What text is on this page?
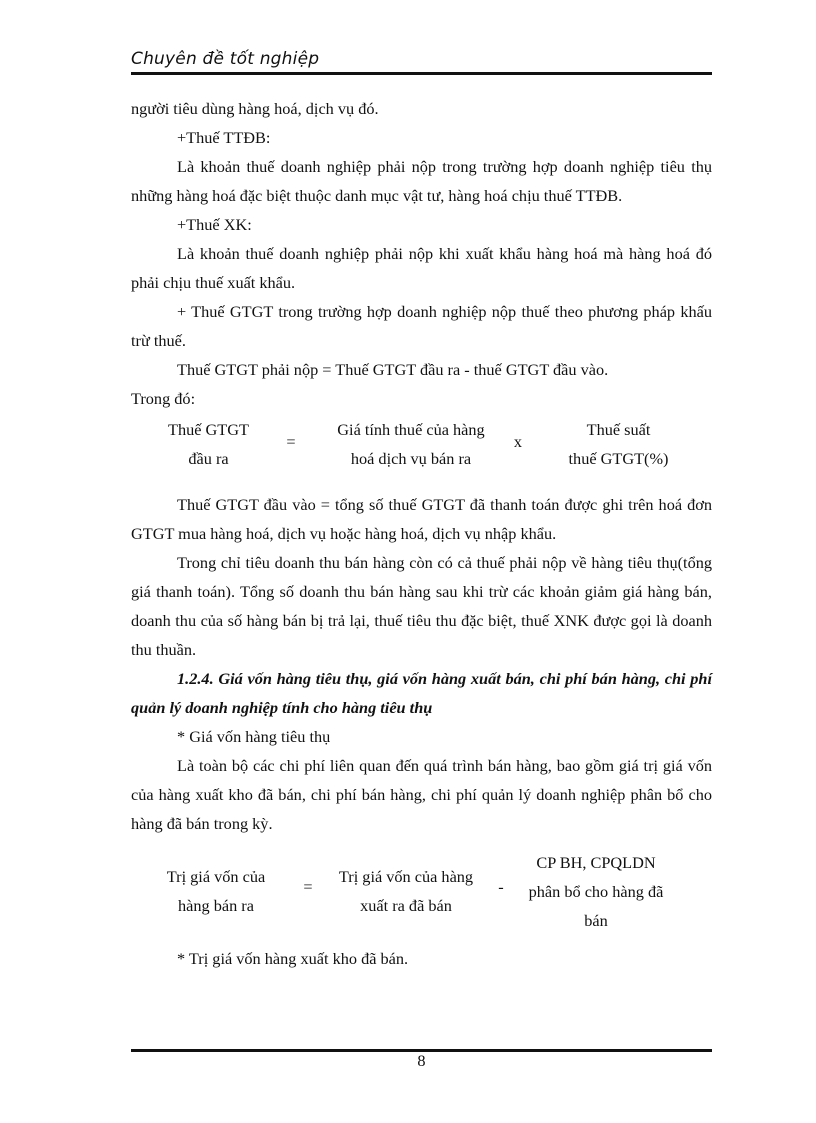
Chuyên đề tốt nghiệp

người tiêu dùng hàng hoá, dịch vụ đó.

+Thuế TTĐB:

Là khoản thuế doanh nghiệp phải nộp trong trường hợp doanh nghiệp tiêu thụ những hàng hoá đặc biệt thuộc danh mục vật tư, hàng hoá chịu thuế TTĐB.

+Thuế XK:

Là khoản thuế doanh nghiệp phải nộp khi xuất khẩu hàng hoá mà hàng hoá đó phải chịu thuế xuất khẩu.

+ Thuế GTGT trong trường hợp doanh nghiệp nộp thuế theo phương pháp khấu trừ thuế.

Thuế GTGT phải nộp = Thuế GTGT đầu ra - thuế GTGT đầu vào.

Trong đó:

Thuế GTGT
đầu ra
=
Giá tính thuế của hàng
hoá dịch vụ bán ra
x
Thuế suất
thuế GTGT(%)

Thuế GTGT đầu vào = tổng số thuế GTGT đã thanh toán được ghi trên hoá đơn GTGT mua hàng hoá, dịch vụ hoặc hàng hoá, dịch vụ nhập khẩu.

Trong chỉ tiêu doanh thu bán hàng còn có cả thuế phải nộp về hàng tiêu thụ(tổng giá thanh toán). Tổng số doanh thu bán hàng sau khi trừ các khoản giảm giá hàng bán, doanh thu của số hàng bán bị trả lại, thuế tiêu thu đặc biệt, thuế XNK được gọi là doanh thu thuần.

1.2.4. Giá vốn hàng tiêu thụ, giá vốn hàng xuất bán, chi phí bán hàng, chi phí quản lý doanh nghiệp tính cho hàng tiêu thụ

* Giá vốn hàng tiêu thụ

Là toàn bộ các chi phí liên quan đến quá trình bán hàng, bao gồm giá trị giá vốn của hàng xuất kho đã bán, chi phí bán hàng, chi phí quản lý doanh nghiệp phân bổ cho hàng đã bán trong kỳ.

Trị giá vốn của
hàng bán ra
=
Trị giá vốn của hàng
xuất ra đã bán
-
CP BH, CPQLDN
phân bổ cho hàng đã
bán

* Trị giá vốn hàng xuất kho đã bán.

8
